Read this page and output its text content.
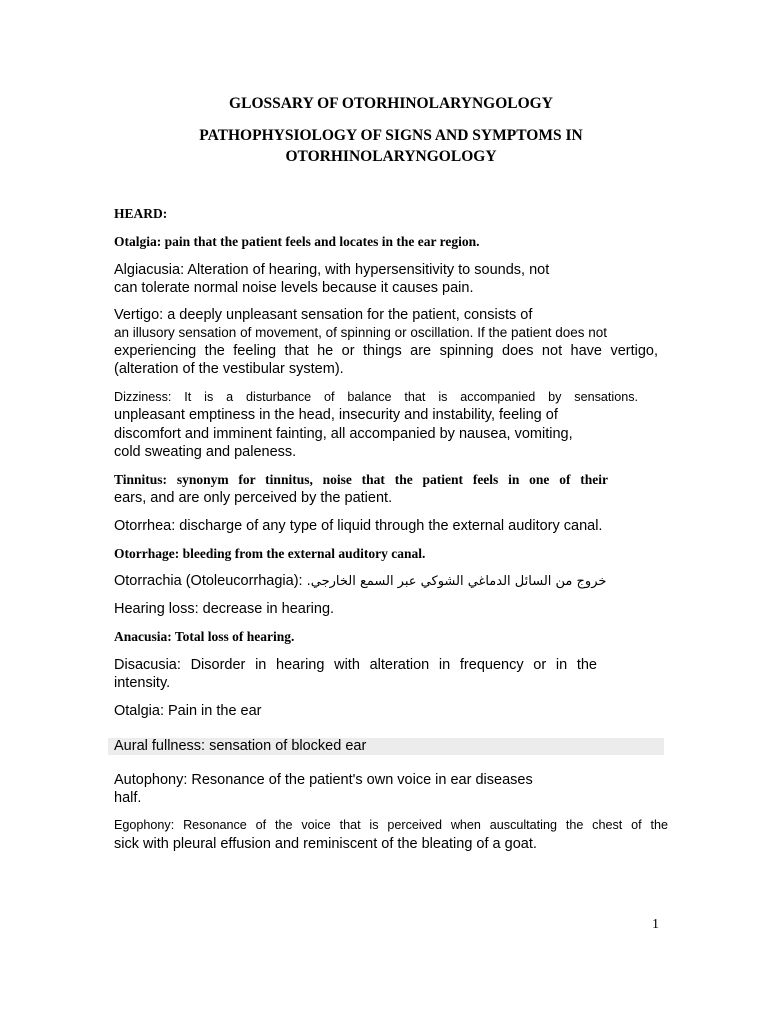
GLOSSARY OF OTORHINOLARYNGOLOGY

PATHOPHYSIOLOGY OF SIGNS AND SYMPTOMS IN

OTORHINOLARYNGOLOGY

HEARD:

Otalgia: pain that the patient feels and locates in the ear region.

Algiacusia: Alteration of hearing, with hypersensitivity to sounds, not

can tolerate normal noise levels because it causes pain.

Vertigo: a deeply unpleasant sensation for the patient, consists of

an illusory sensation of movement, of spinning or oscillation. If the patient does not

experiencing the feeling that he or things are spinning does not have vertigo,

(alteration of the vestibular system).

Dizziness: It is a disturbance of balance that is accompanied by sensations.

unpleasant emptiness in the head, insecurity and instability, feeling of

discomfort and imminent fainting, all accompanied by nausea, vomiting,

cold sweating and paleness.

Tinnitus: synonym for tinnitus, noise that the patient feels in one of their

ears, and are only perceived by the patient.

Otorrhea: discharge of any type of liquid through the external auditory canal.

Otorrhage: bleeding from the external auditory canal.

Otorrachia (Otoleucorrhagia): خروج من السائل الدماغي الشوكي عبر السمع الخارجي.

Hearing loss: decrease in hearing.

Anacusia: Total loss of hearing.

Disacusia: Disorder in hearing with alteration in frequency or in the

intensity.

Otalgia: Pain in the ear

Aural fullness: sensation of blocked ear

Autophony: Resonance of the patient's own voice in ear diseases

half.

Egophony: Resonance of the voice that is perceived when auscultating the chest of the

sick with pleural effusion and reminiscent of the bleating of a goat.

1
